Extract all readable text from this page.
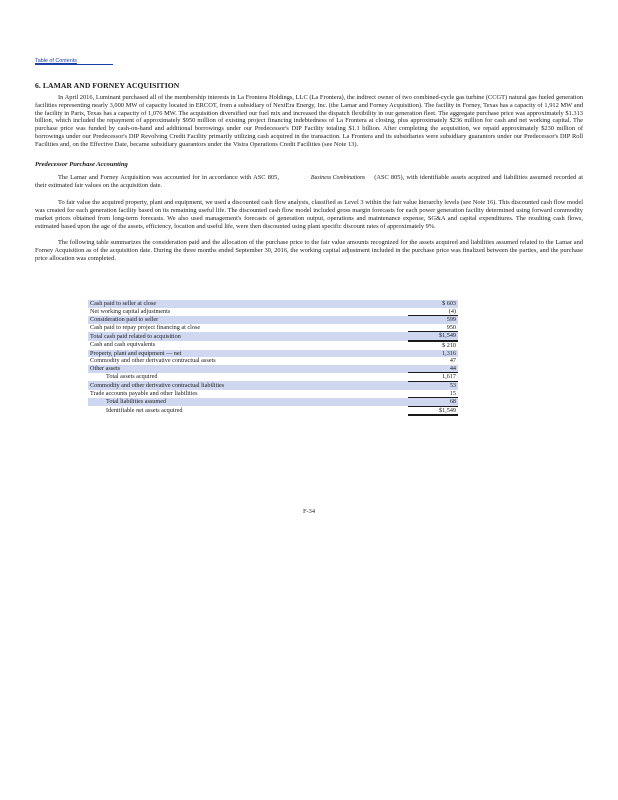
Table of Contents
6. LAMAR AND FORNEY ACQUISITION

In April 2016, Luminant purchased all of the membership interests in La Frontera Holdings, LLC (La Frontera), the indirect owner of two combined-cycle gas turbine (CCGT) natural gas fueled generation facilities representing nearly 3,000 MW of capacity located in ERCOT, from a subsidiary of NextEra Energy, Inc. (the Lamar and Forney Acquisition). The facility in Forney, Texas has a capacity of 1,912 MW and the facility in Paris, Texas has a capacity of 1,076 MW. The acquisition diversified our fuel mix and increased the dispatch flexibility in our generation fleet. The aggregate purchase price was approximately $1.313 billion, which included the repayment of approximately $950 million of existing project financing indebtedness of La Frontera at closing, plus approximately $236 million for cash and net working capital. The purchase price was funded by cash-on-hand and additional borrowings under our Predecessor's DIP Facility totaling $1.1 billion. After completing the acquisition, we repaid approximately $230 million of borrowings under our Predecessor's DIP Revolving Credit Facility primarily utilizing cash acquired in the transaction. La Frontera and its subsidiaries were subsidiary guarantors under our Predecessor's DIP Roll Facilities and, on the Effective Date, became subsidiary guarantors under the Vistra Operations Credit Facilities (see Note 13).

Predecessor Purchase Accounting

The Lamar and Forney Acquisition was accounted for in accordance with ASC 805,	Business Combinations (ASC 805), with identifiable assets acquired and liabilities assumed recorded at their estimated fair values on the acquisition date.

To fair value the acquired property, plant and equipment, we used a discounted cash flow analysis, classified as Level 3 within the fair value hierarchy levels (see Note 16). This discounted cash flow model was created for each generation facility based on its remaining useful life. The discounted cash flow model included gross margin forecasts for each power generation facility determined using forward commodity market prices obtained from long-term forecasts. We also used management's forecasts of generation output, operations and maintenance expense, SG&A and capital expenditures. The resulting cash flows, estimated based upon the age of the assets, efficiency, location and useful life, were then discounted using plant specific discount rates of approximately 9%.

The following table summarizes the consideration paid and the allocation of the purchase price to the fair value amounts recognized for the assets acquired and liabilities assumed related to the Lamar and Forney Acquisition as of the acquisition date. During the three months ended September 30, 2016, the working capital adjustment included in the purchase price was finalized between the parties, and the purchase price allocation was completed.

Cash paid to seller at close	$ 603
Net working capital adjustments	(4)
Consideration paid to seller	599
Cash paid to repay project financing at close	950
Total cash paid related to acquisition	$1,549
Cash and cash equivalents	$ 210
Property, plant and equipment — net	1,316
Commodity and other derivative contractual assets	47
Other assets	44
Total assets acquired	1,617
Commodity and other derivative contractual liabilities	53
Trade accounts payable and other liabilities	15
Total liabilities assumed	68
Identifiable net assets acquired	$1,549
F-34
